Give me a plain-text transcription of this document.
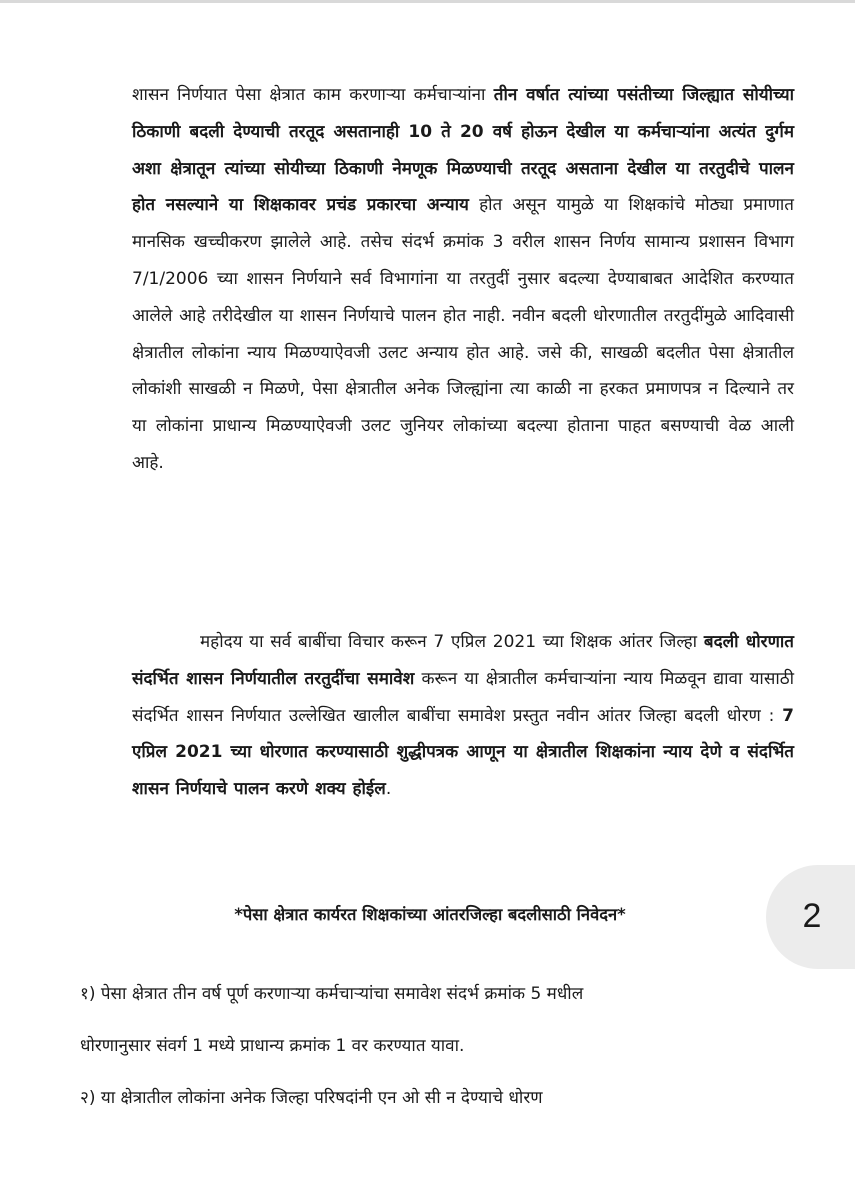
शासन निर्णयात पेसा क्षेत्रात काम करणाऱ्या कर्मचाऱ्यांना तीन वर्षात त्यांच्या पसंतीच्या जिल्ह्यात सोयीच्या ठिकाणी बदली देण्याची तरतूद असतानाही 10 ते 20 वर्ष होऊन देखील या कर्मचाऱ्यांना अत्यंत दुर्गम अशा क्षेत्रातून त्यांच्या सोयीच्या ठिकाणी नेमणूक मिळण्याची तरतूद असताना देखील या तरतुदीचे पालन होत नसल्याने या शिक्षकावर प्रचंड प्रकारचा अन्याय होत असून यामुळे या शिक्षकांचे मोठ्या प्रमाणात मानसिक खच्चीकरण झालेले आहे. तसेच संदर्भ क्रमांक 3 वरील शासन निर्णय सामान्य प्रशासन विभाग 7/1/2006 च्या शासन निर्णयाने सर्व विभागांना या तरतुदीं नुसार बदल्या देण्याबाबत आदेशित करण्यात आलेले आहे तरीदेखील या शासन निर्णयाचे पालन होत नाही. नवीन बदली धोरणातील तरतुदींमुळे आदिवासी क्षेत्रातील लोकांना न्याय मिळण्याऐवजी उलट अन्याय होत आहे. जसे की, साखळी बदलीत पेसा क्षेत्रातील लोकांशी साखळी न मिळणे, पेसा क्षेत्रातील अनेक जिल्ह्यांना त्या काळी ना हरकत प्रमाणपत्र न दिल्याने तर या लोकांना प्राधान्य मिळण्याऐवजी उलट जुनियर लोकांच्या बदल्या होताना पाहत बसण्याची वेळ आली आहे.

महोदय या सर्व बाबींचा विचार करून 7 एप्रिल 2021 च्या शिक्षक आंतर जिल्हा बदली धोरणात संदर्भित शासन निर्णयातील तरतुदींचा समावेश करून या क्षेत्रातील कर्मचाऱ्यांना न्याय मिळवून द्यावा यासाठी संदर्भित शासन निर्णयात उल्लेखित खालील बाबींचा समावेश प्रस्तुत नवीन आंतर जिल्हा बदली धोरण : 7 एप्रिल 2021 च्या धोरणात करण्यासाठी शुद्धीपत्रक आणून या क्षेत्रातील शिक्षकांना न्याय देणे व संदर्भित शासन निर्णयाचे पालन करणे शक्य होईल.

*पेसा क्षेत्रात कार्यरत शिक्षकांच्या आंतरजिल्हा बदलीसाठी निवेदन*

१) पेसा क्षेत्रात तीन वर्ष पूर्ण करणाऱ्या कर्मचाऱ्यांचा समावेश संदर्भ क्रमांक 5 मधील

धोरणानुसार संवर्ग 1 मध्ये प्राधान्य क्रमांक 1 वर करण्यात यावा.

२) या क्षेत्रातील लोकांना अनेक जिल्हा परिषदांनी एन ओ सी न देण्याचे धोरण

2
